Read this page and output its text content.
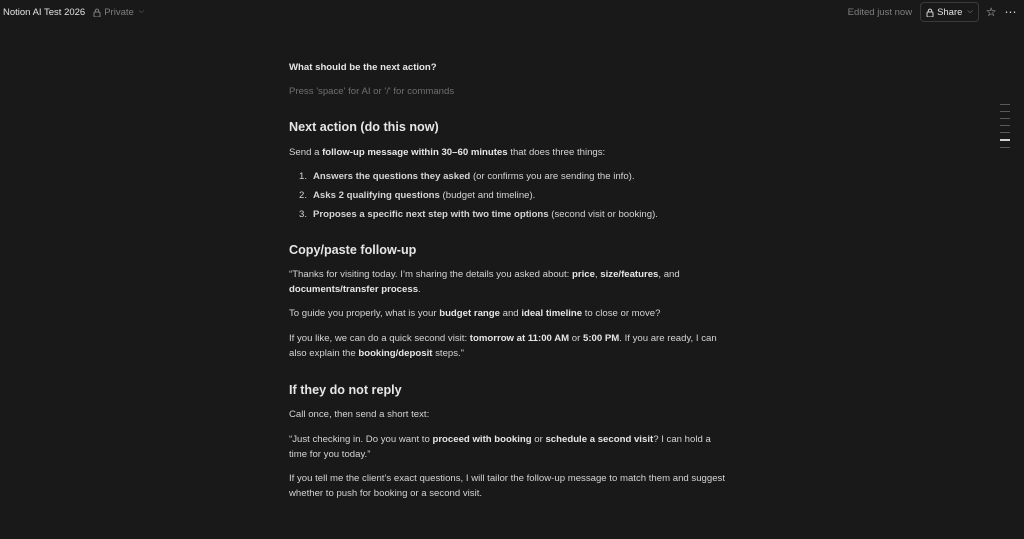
Notion AI Test 2026 Private ⌵	Edited just now	Share ⌵ ☆ ⋯
What should be the next action?
Press 'space' for AI or '/' for commands
Next action (do this now)
Send a follow-up message within 30–60 minutes that does three things:
1. Answers the questions they asked (or confirms you are sending the info).
2. Asks 2 qualifying questions (budget and timeline).
3. Proposes a specific next step with two time options (second visit or booking).
Copy/paste follow-up
“Thanks for visiting today. I’m sharing the details you asked about: price, size/features, and documents/transfer process.
To guide you properly, what is your budget range and ideal timeline to close or move?
If you like, we can do a quick second visit: tomorrow at 11:00 AM or 5:00 PM. If you are ready, I can also explain the booking/deposit steps.”
If they do not reply
Call once, then send a short text:
“Just checking in. Do you want to proceed with booking or schedule a second visit? I can hold a time for you today.”
If you tell me the client’s exact questions, I will tailor the follow-up message to match them and suggest whether to push for booking or a second visit.
